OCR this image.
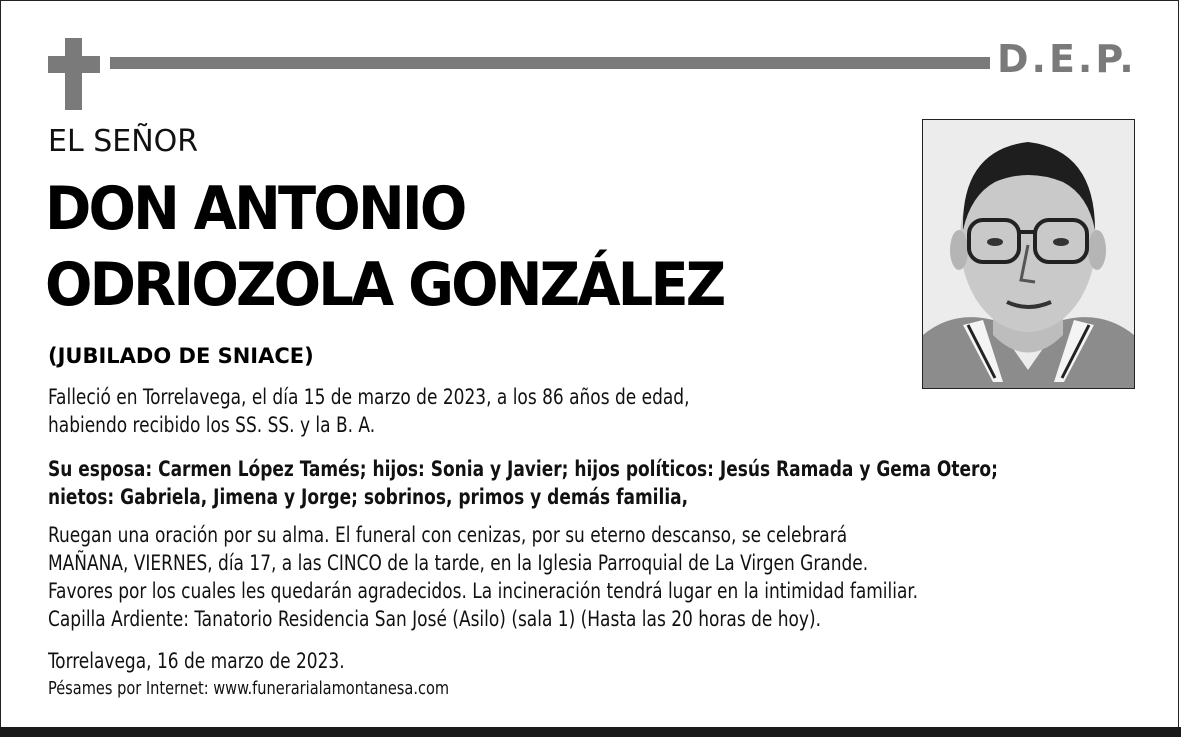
D.E.P.
EL SEÑOR
DON ANTONIO
ODRIOZOLA GONZÁLEZ
(JUBILADO DE SNIACE)
Falleció en Torrelavega, el día 15 de marzo de 2023, a los 86 años de edad,
habiendo recibido los SS. SS. y la B. A.
Su esposa: Carmen López Tamés; hijos: Sonia y Javier; hijos políticos: Jesús Ramada y Gema Otero;
nietos: Gabriela, Jimena y Jorge; sobrinos, primos y demás familia,
Ruegan una oración por su alma. El funeral con cenizas, por su eterno descanso, se celebrará
MAÑANA, VIERNES, día 17, a las CINCO de la tarde, en la Iglesia Parroquial de La Virgen Grande.
Favores por los cuales les quedarán agradecidos. La incineración tendrá lugar en la intimidad familiar.
Capilla Ardiente: Tanatorio Residencia San José (Asilo) (sala 1) (Hasta las 20 horas de hoy).
Torrelavega, 16 de marzo de 2023.
Pésames por Internet: www.funerarialamontanesa.com
